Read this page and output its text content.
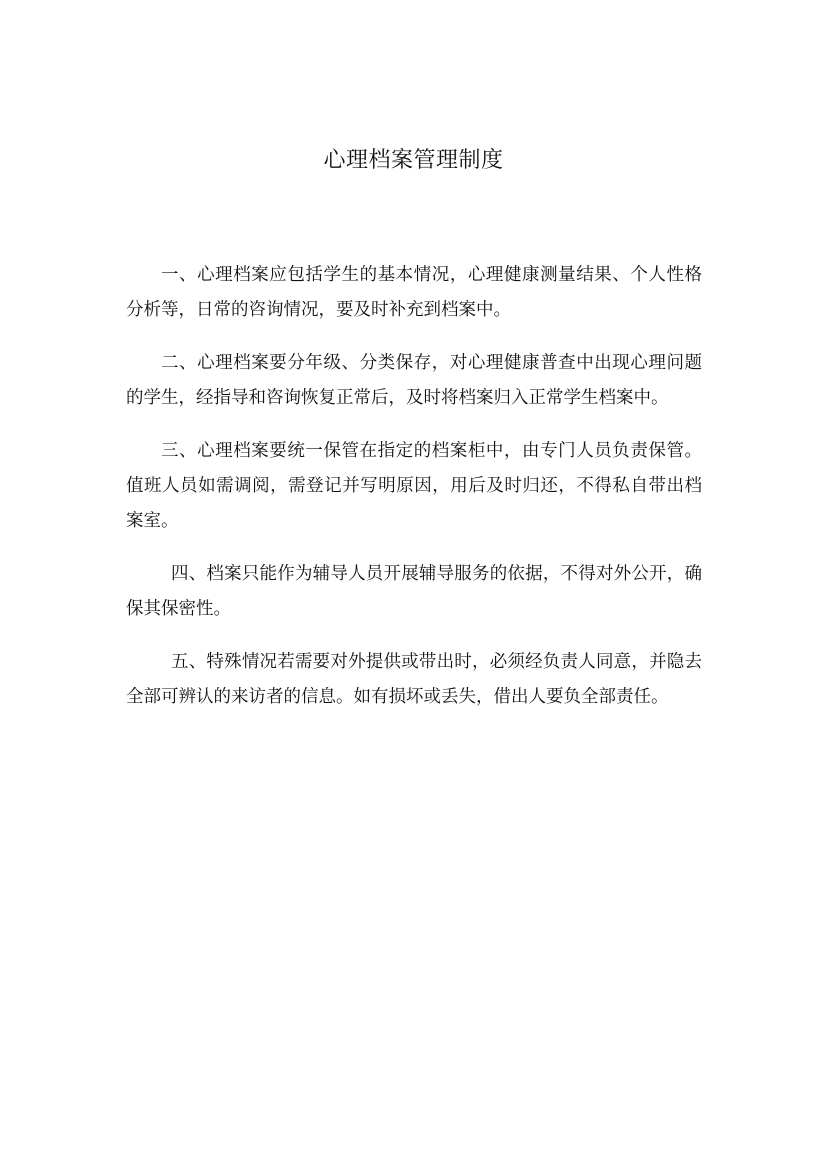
心理档案管理制度

一、心理档案应包括学生的基本情况，心理健康测量结果、个人性格分析等，日常的咨询情况，要及时补充到档案中。

二、心理档案要分年级、分类保存，对心理健康普查中出现心理问题的学生，经指导和咨询恢复正常后，及时将档案归入正常学生档案中。

三、心理档案要统一保管在指定的档案柜中，由专门人员负责保管。值班人员如需调阅，需登记并写明原因，用后及时归还，不得私自带出档案室。

四、档案只能作为辅导人员开展辅导服务的依据，不得对外公开，确保其保密性。

五、特殊情况若需要对外提供或带出时，必须经负责人同意，并隐去全部可辨认的来访者的信息。如有损坏或丢失，借出人要负全部责任。
